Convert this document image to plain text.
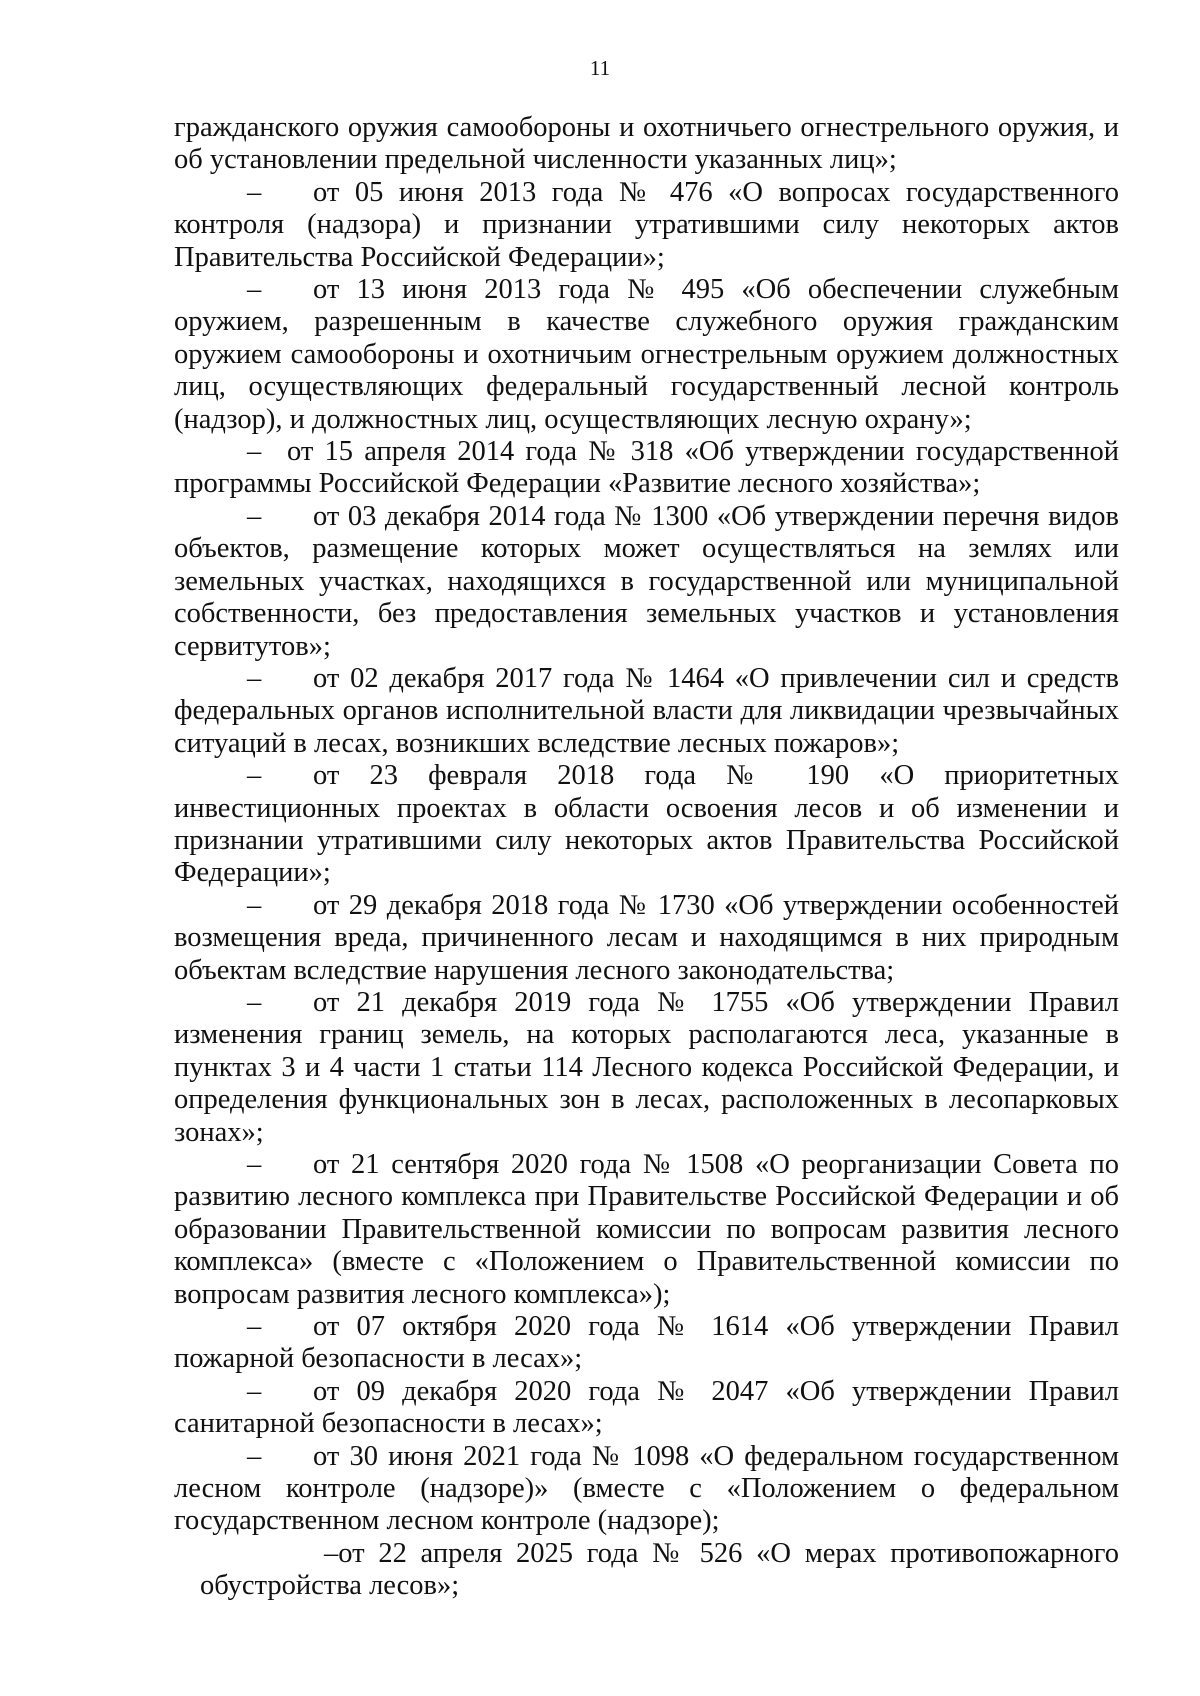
11

гражданского оружия самообороны и охотничьего огнестрельного оружия, и об установлении предельной численности указанных лиц»;

– от 05 июня 2013 года № 476 «О вопросах государственного контроля (надзора) и признании утратившими силу некоторых актов Правительства Российской Федерации»;

– от 13 июня 2013 года № 495 «Об обеспечении служебным оружием, разрешенным в качестве служебного оружия гражданским оружием самообороны и охотничьим огнестрельным оружием должностных лиц, осуществляющих федеральный государственный лесной контроль (надзор), и должностных лиц, осуществляющих лесную охрану»;

– от 15 апреля 2014 года № 318 «Об утверждении государственной программы Российской Федерации «Развитие лесного хозяйства»;

– от 03 декабря 2014 года № 1300 «Об утверждении перечня видов объектов, размещение которых может осуществляться на землях или земельных участках, находящихся в государственной или муниципальной собственности, без предоставления земельных участков и установления сервитутов»;

– от 02 декабря 2017 года № 1464 «О привлечении сил и средств федеральных органов исполнительной власти для ликвидации чрезвычайных ситуаций в лесах, возникших вследствие лесных пожаров»;

– от 23 февраля 2018 года № 190 «О приоритетных инвестиционных проектах в области освоения лесов и об изменении и признании утратившими силу некоторых актов Правительства Российской Федерации»;

– от 29 декабря 2018 года № 1730 «Об утверждении особенностей возмещения вреда, причиненного лесам и находящимся в них природным объектам вследствие нарушения лесного законодательства;

– от 21 декабря 2019 года № 1755 «Об утверждении Правил изменения границ земель, на которых располагаются леса, указанные в пунктах 3 и 4 части 1 статьи 114 Лесного кодекса Российской Федерации, и определения функциональных зон в лесах, расположенных в лесопарковых зонах»;

– от 21 сентября 2020 года № 1508 «О реорганизации Совета по развитию лесного комплекса при Правительстве Российской Федерации и об образовании Правительственной комиссии по вопросам развития лесного комплекса» (вместе с «Положением о Правительственной комиссии по вопросам развития лесного комплекса»);

– от 07 октября 2020 года № 1614 «Об утверждении Правил пожарной безопасности в лесах»;

– от 09 декабря 2020 года № 2047 «Об утверждении Правил санитарной безопасности в лесах»;

– от 30 июня 2021 года № 1098 «О федеральном государственном лесном контроле (надзоре)» (вместе с «Положением о федеральном государственном лесном контроле (надзоре);

–от 22 апреля 2025 года № 526 «О мерах противопожарного обустройства лесов»;
